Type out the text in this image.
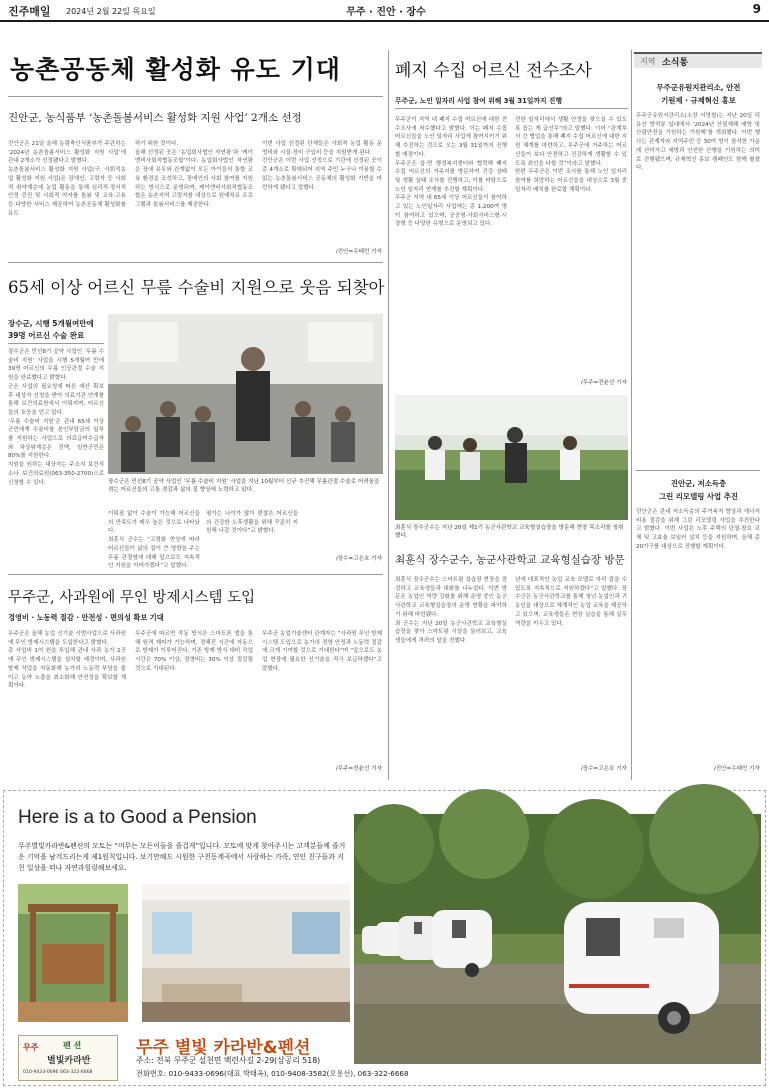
진주매일 2024년 2월 22일 목요일	무주 · 진안 · 장수	9
농촌공동체 활성화 유도 기대
진안군, 농식품부 ‘농촌돌봄서비스 활성화 지원 사업’ 2개소 선정
진안군은 21일 올해 농림축산식품부가 주관하는 ‘2024년 농촌돌봄서비스 활성화 지원 사업’에 관내 2개소가 선정됐다고 밝혔다.
농촌돌봄서비스 활성화 지원 사업(구. 사회적농업 활성화 지원 사업)은 장애인, 고령자 등 사회적 취약계층에 농업 활동을 통해 심리적·정서적 안정 증진 및 사회적 약자를 돌봄 및 교육·고용 등 다양한 서비스 제공하여 농촌공동체 활성화를 유도
하기 위한 것이다.
올해 선정된 곳은 ‘농업회사법인 자연팜’과 ‘케이엔비사회적협동조합’이다. 농업회사법인 자연팜은 장애 유무와 관계없이 모든 아이들의 통합 교육 환경을 조성하고, 장애인의 사회 참여를 지원하는 방식으로 운영되며, 케이엔비사회적협동조합은 농촌지역 고령자를 대상으로 원예치유 프로그램과 돌봄서비스를 제공한다.
이번 사업 선정된 단체들은 사회적 농업 활동 운영비와 시설·장비 구입비 등을 지원받게 된다.
진안군은 이번 사업 선정으로 기관에 선정된 곳이 총 4개소로 확대되어 지역 주민 누구나 이용할 수 있는 농촌돌봄서비스 공동체의 활성화 기반을 마련하게 됐다고 말했다.
/진안=우태민 기자
65세 이상 어르신 무릎 수술비 지원으로 웃음 되찾아
장수군, 시행 5개월여만에
39명 어르신 수술 완료
장수군은 민선8기 공약 사업인 ‘무릎 수술비 지원’ 사업을 시행 5개월여 만에 39명 어르신의 무릎 인공관절 수술 지원을 완료했다고 밝혔다.
군은 사업의 필요성에 따른 예산 확보 후 대상자 신청을 받아 의료기관 연계를 통해 보건의료원에서 이뤄지며, 어르신들의 호응을 얻고 있다.
‘무릎 수술비 지원’은 관내 65세 이상 군민에게 수술비를 본인부담금의 일부를 지원하는 사업으로 의료급여수급자와 차상위계층은 전액, 일반군민은 80%를 지원한다.
지원을 원하는 대상자는 주소지 보건지소나 보건의료원(063-350-2700)으로 신청할 수 있다.	장수군은 민선8기 공약 사업인 ‘무릎 수술비 지원’ 사업을 지난 10월부터 신규 추진해 무릎관절 수술로 어려움을 겪는 어르신들의 고통 경감과 삶의 질 향상에 노력하고 있다.
이뤄짐 없이 수술이 가능해 어르신들의 만족도가 매우 높은 것으로 나타났다.
최훈식 군수는 “고령화 현상에 따라 어르신들이 삶의 질이 큰 영향을 주는 무릎 관절염에 대해 앞으로도 지속적인 지원을 이어가겠다”고 말했다.
평가는 나이가 많이 편찮은 어르신들의 건강한 노후생활을 위해 꾸준히 지원해 나갈 것이다”고 밝혔다.
/장수=고은호 기자
무주군, 사과원에 무인 방제시스템 도입
경영비 · 노동력 절감 · 안전성 · 편의성 확보 기대
무주군은 올해 농업 신기술 시범사업으로 사과원에 무인 방제시스템을 도입한다고 밝혔다.
총 사업비 1억 원을 투입해 관내 사과 농가 2곳에 무인 방제시스템을 설치할 예정이며, 사과원 방제 작업을 자동화해 농가의 노동력 부담을 줄이고 농약 노출을 최소화해 안전성을 확보할 계획이다.
무주군에 따르면 작동 방식은 스마트폰 앱을 통해 원격 제어가 가능하며, 정해진 시간에 자동으로 방제가 이루어진다. 기존 방제 방식 대비 작업 시간은 70% 이상, 경영비는 30% 이상 절감될 것으로 기대된다.
무주군 농업기술센터 관계자는 “사과원 무인 방제시스템 도입으로 농가의 경영 안정과 노동력 절감에 크게 기여할 것으로 기대한다”며 “앞으로도 농업 현장에 필요한 신기술을 적극 보급하겠다”고 말했다.
/무주=전윤선 기자
폐지 수집 어르신 전수조사
무주군, 노인 일자리 사업 참여 위해 3월 31일까지 진행
무주군이 지역 내 폐지 수집 어르신에 대한 전수조사에 착수했다고 밝혔다. 이는 폐지 수집 어르신들을 노인 일자리 사업에 참여시키기 위해 추진하는 것으로 오는 3월 31일까지 진행할 예정이다.
무주군은 읍·면 행정복지센터와 협력해 폐지 수집 어르신의 거주지를 방문하여 건강 상태 및 생활 실태 조사를 진행하고, 이를 바탕으로 노인 일자리 연계를 추진할 계획이다.
무주군 지역 내 65세 이상 어르신들이 참여하고 있는 노인일자리 사업에는 총 1,200여 명이 참여하고 있으며, 공공형·사회서비스형·시장형 등 다양한 유형으로 운영되고 있다.
전한 일자리에서 생활 안정을 찾으실 수 있도록 돕는 게 급선무”라고 말했다. 이어 “관계부서 간 협업을 통해 폐지 수집 어르신에 대한 지원 체계를 마련하고, 무주군에 거주하는 어르신들이 보다 안전하고 건강하게 생활할 수 있도록 최선을 다할 것”이라고 말했다.
한편 무주군은 이번 조사를 통해 노인 일자리 참여를 희망하는 어르신들을 대상으로 3월 중 일자리 배치를 완료할 계획이다.
/무주=전윤선 기자
최훈식 장수군수는 지난 20일 제1기 농군사관학교 교육형실습장을 방문해 현장 목소리를 청취했다.
최훈식 장수군수, 농군사관학교 교육형실습장 방문
최훈식 장수군수는 스마트팜 실습장 현장을 점검하고 교육생들과 대화를 나누었다. 이번 방문은 농업인 역량 강화를 위해 운영 중인 농군사관학교 교육형실습장의 운영 현황을 파악하기 위해 마련됐다.
최 군수는 지난 20일 농군사관학교 교육형실습장을 찾아 스마트팜 시설을 둘러보고, 교육생들에게 격려의 말을 전했다.
년에 대표적인 농업 교육 모델로 자리 잡을 수 있도록 지속적으로 지원하겠다”고 말했다. 장수군은 농군사관학교를 통해 청년 농업인과 귀농인을 대상으로 체계적인 농업 교육을 제공하고 있으며, 교육생들은 현장 실습을 통해 실무 역량을 키우고 있다.
/장수=고은호 기자
지역 소식통
무주군유원지관리소, 안전
기원제 · 규제혁신 홍보
무주군유원지관리소(소장 서영철)는 지난 20일 덕유산 향적봉 일대에서 ‘2024년 산림재해 예방 및 산림안전을 기원하는 기원제’를 개최했다. 이번 행사는 관계자와 지역주민 등 30여 명이 참석한 가운데 산악사고 예방과 안전한 산행을 기원하는 의미로 진행됐으며, 규제혁신 홍보 캠페인도 함께 펼쳤다.
진안군, 저소득층
그린 리모델링 사업 추진
진안군은 관내 저소득층의 주거복지 향상과 에너지 비용 절감을 위해 그린 리모델링 사업을 추진한다고 밝혔다. 이번 사업은 노후 주택의 단열·창호 교체 및 고효율 보일러 설치 등을 지원하며, 올해 총 20가구를 대상으로 진행할 계획이다.
/진안=우태민 기자
Here is a to Good a Pension
무주별빛카라반&펜션의 모토는 “머무는 모든이들을 즐겁게”입니다. 모토에 맞게 찾아주시는 고객분들께 즐거운 기억을 남겨드리는게 제1원칙입니다. 보기만해도 시원한 구천동계곡에서 사랑하는 가족, 연인 친구들과 지친 일상을 떠나 자연과힐링해보세요.
무주	펜 션
별빛카라반
010-9433-0696 063-322-6668
무주 별빛 카라반&펜션
주소: 전북 무주군 설천면 백련사길 2-29(삼공리 518)
전화번호: 010-9433-0696(대표 박태옥), 010-9408-3582(오용선), 063-322-6668
